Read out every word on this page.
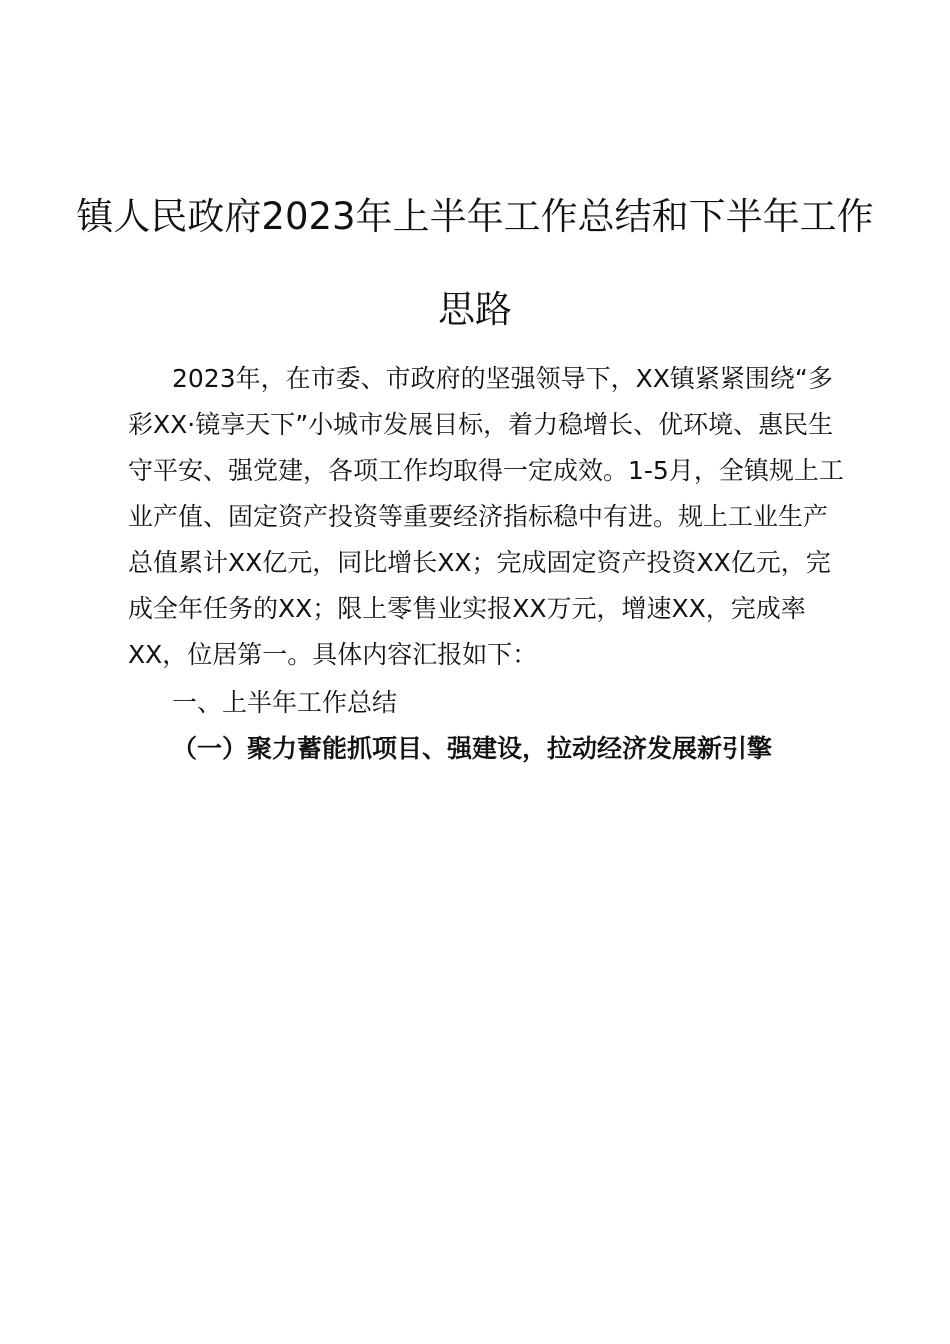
镇人民政府2023年上半年工作总结和下半年工作
思路
2023年，在市委、市政府的坚强领导下，XX镇紧紧围绕“多
彩XX·镜享天下”小城市发展目标，着力稳增长、优环境、惠民生
守平安、强党建，各项工作均取得一定成效。1-5月，全镇规上工
业产值、固定资产投资等重要经济指标稳中有进。规上工业生产
总值累计XX亿元，同比增长XX；完成固定资产投资XX亿元，完
成全年任务的XX；限上零售业实报XX万元，增速XX，完成率
XX，位居第一。具体内容汇报如下：
一、上半年工作总结
（一）聚力蓄能抓项目、强建设，拉动经济发展新引擎
